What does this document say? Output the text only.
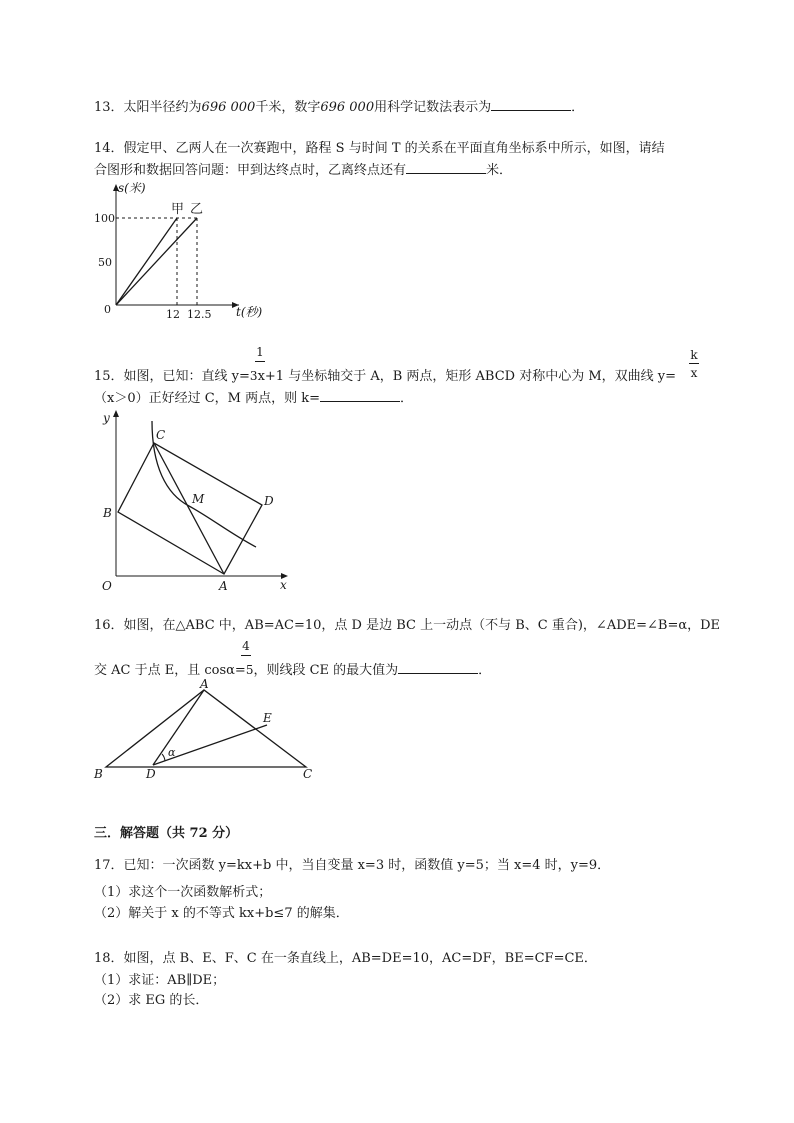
13．太阳半径约为696 000千米，数字696 000用科学记数法表示为	．
14．假定甲、乙两人在一次赛跑中，路程 S 与时间 T 的关系在平面直角坐标系中所示，如图，请结
合图形和数据回答问题：甲到达终点时，乙离终点还有	米．
s(米)
t(秒)
0
100
50
12 12.5
甲 乙
1
15．如图，已知：直线 y=3x+1 与坐标轴交于 A，B 两点，矩形 ABCD 对称中心为 M，双曲线 y=
k
x
（x＞0）正好经过 C，M 两点，则 k=	．
y
x
O	A
B
C
D
M
16．如图，在△ABC 中，AB=AC=10，点 D 是边 BC 上一动点（不与 B、C 重合)，∠ADE=∠B=α，DE
4
交 AC 于点 E，且 cosα=5，则线段 CE 的最大值为	．
A
B	C
D
E
α
三．解答题（共 72 分）
17．已知：一次函数 y=kx+b 中，当自变量 x=3 时，函数值 y=5；当 x=4 时，y=9．
（1）求这个一次函数解析式；
（2）解关于 x 的不等式 kx+b≤7 的解集．
18．如图，点 B、E、F、C 在一条直线上，AB=DE=10，AC=DF，BE=CF=CE．
（1）求证：AB∥DE；
（2）求 EG 的长．
